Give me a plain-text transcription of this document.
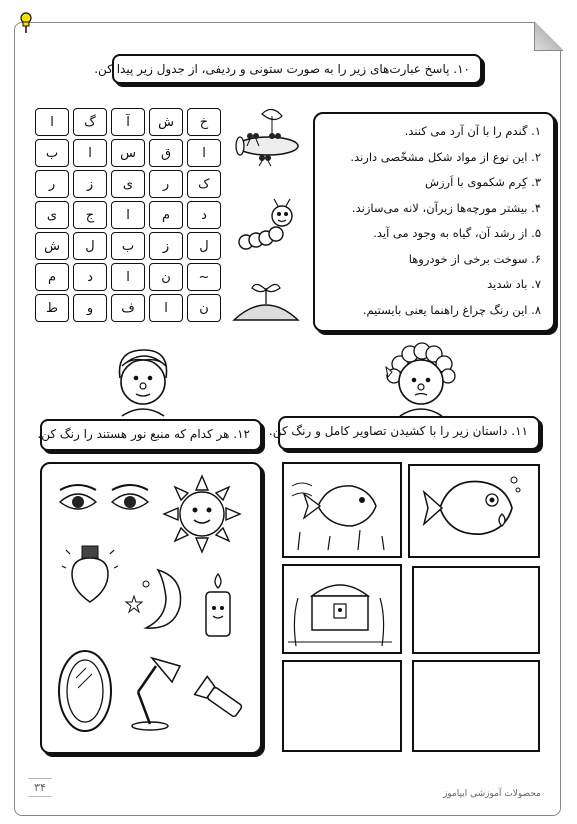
۱۰. پاسخ عبارت‌های زیر را به صورت ستونی و ردیفی، از جدول زیر پیدا کن.
ا	گ	آ	ش	خ
ب	ا	س	ق	ا
ر	ز	ی	ر	ک
ی	ج	ا	م	د
ش	ل	ب	ز	ل
م	د	ا	ن	~
ط	و	ف	ا	ن
۱. گندم را با آن آرد می کنند.
۲. این نوع از مواد شکل مشخّصی دارند.
۳. کِرم شکموی با اَرزش
۴. بیشتر مورچه‌ها زیرآن، لانه می‌سازند.
۵. از رشد آن، گیاه به وجود می آید.
۶. سوخت برخی از خودروها
۷. باد شدید
۸. این رنگ چراغ راهنما یعنی بایستیم.
۱۲. هر کدام که منبع نور هستند را رنگ کن.	۱۱. داستان زیر را با کشیدن تصاویر کامل و رنگ کن.
۳۴	محصولات آموزشی ایپاموز
